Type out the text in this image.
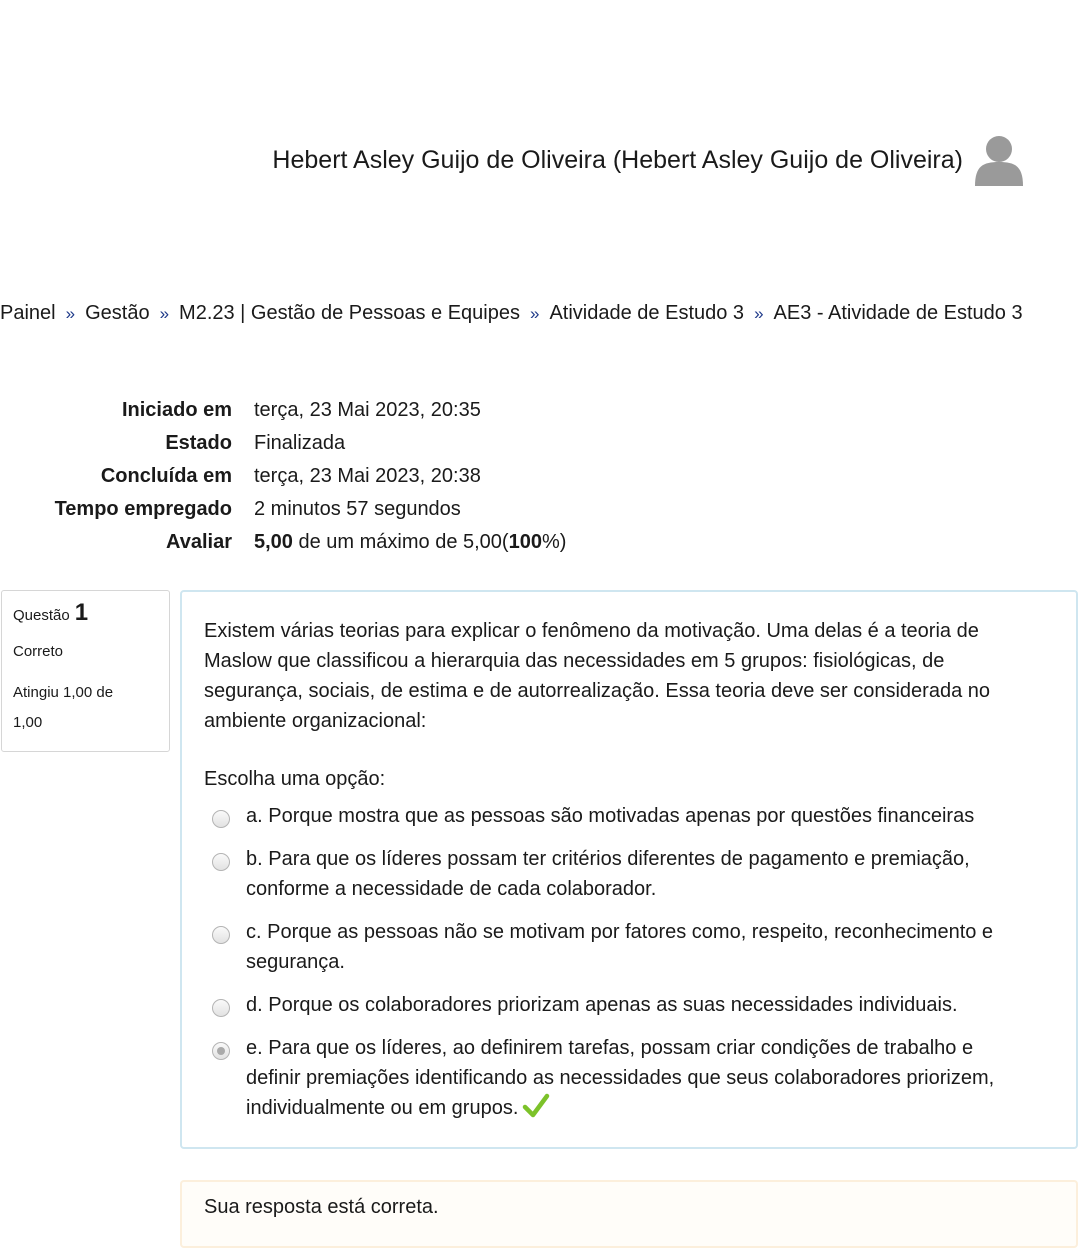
Hebert Asley Guijo de Oliveira (Hebert Asley Guijo de Oliveira)
Painel » Gestão » M2.23 | Gestão de Pessoas e Equipes » Atividade de Estudo 3 » AE3 - Atividade de Estudo 3
Iniciado em	terça, 23 Mai 2023, 20:35
Estado	Finalizada
Concluída em	terça, 23 Mai 2023, 20:38
Tempo empregado	2 minutos 57 segundos
Avaliar	5,00 de um máximo de 5,00(100%)
Questão 1
Correto
Atingiu 1,00 de 1,00
Existem várias teorias para explicar o fenômeno da motivação. Uma delas é a teoria de Maslow que classificou a hierarquia das necessidades em 5 grupos: fisiológicas, de segurança, sociais, de estima e de autorrealização. Essa teoria deve ser considerada no ambiente organizacional:
Escolha uma opção:
a. Porque mostra que as pessoas são motivadas apenas por questões financeiras
b. Para que os líderes possam ter critérios diferentes de pagamento e premiação, conforme a necessidade de cada colaborador.
c. Porque as pessoas não se motivam por fatores como, respeito, reconhecimento e segurança.
d. Porque os colaboradores priorizam apenas as suas necessidades individuais.
e. Para que os líderes, ao definirem tarefas, possam criar condições de trabalho e definir premiações identificando as necessidades que seus colaboradores priorizem, individualmente ou em grupos.
Sua resposta está correta.
